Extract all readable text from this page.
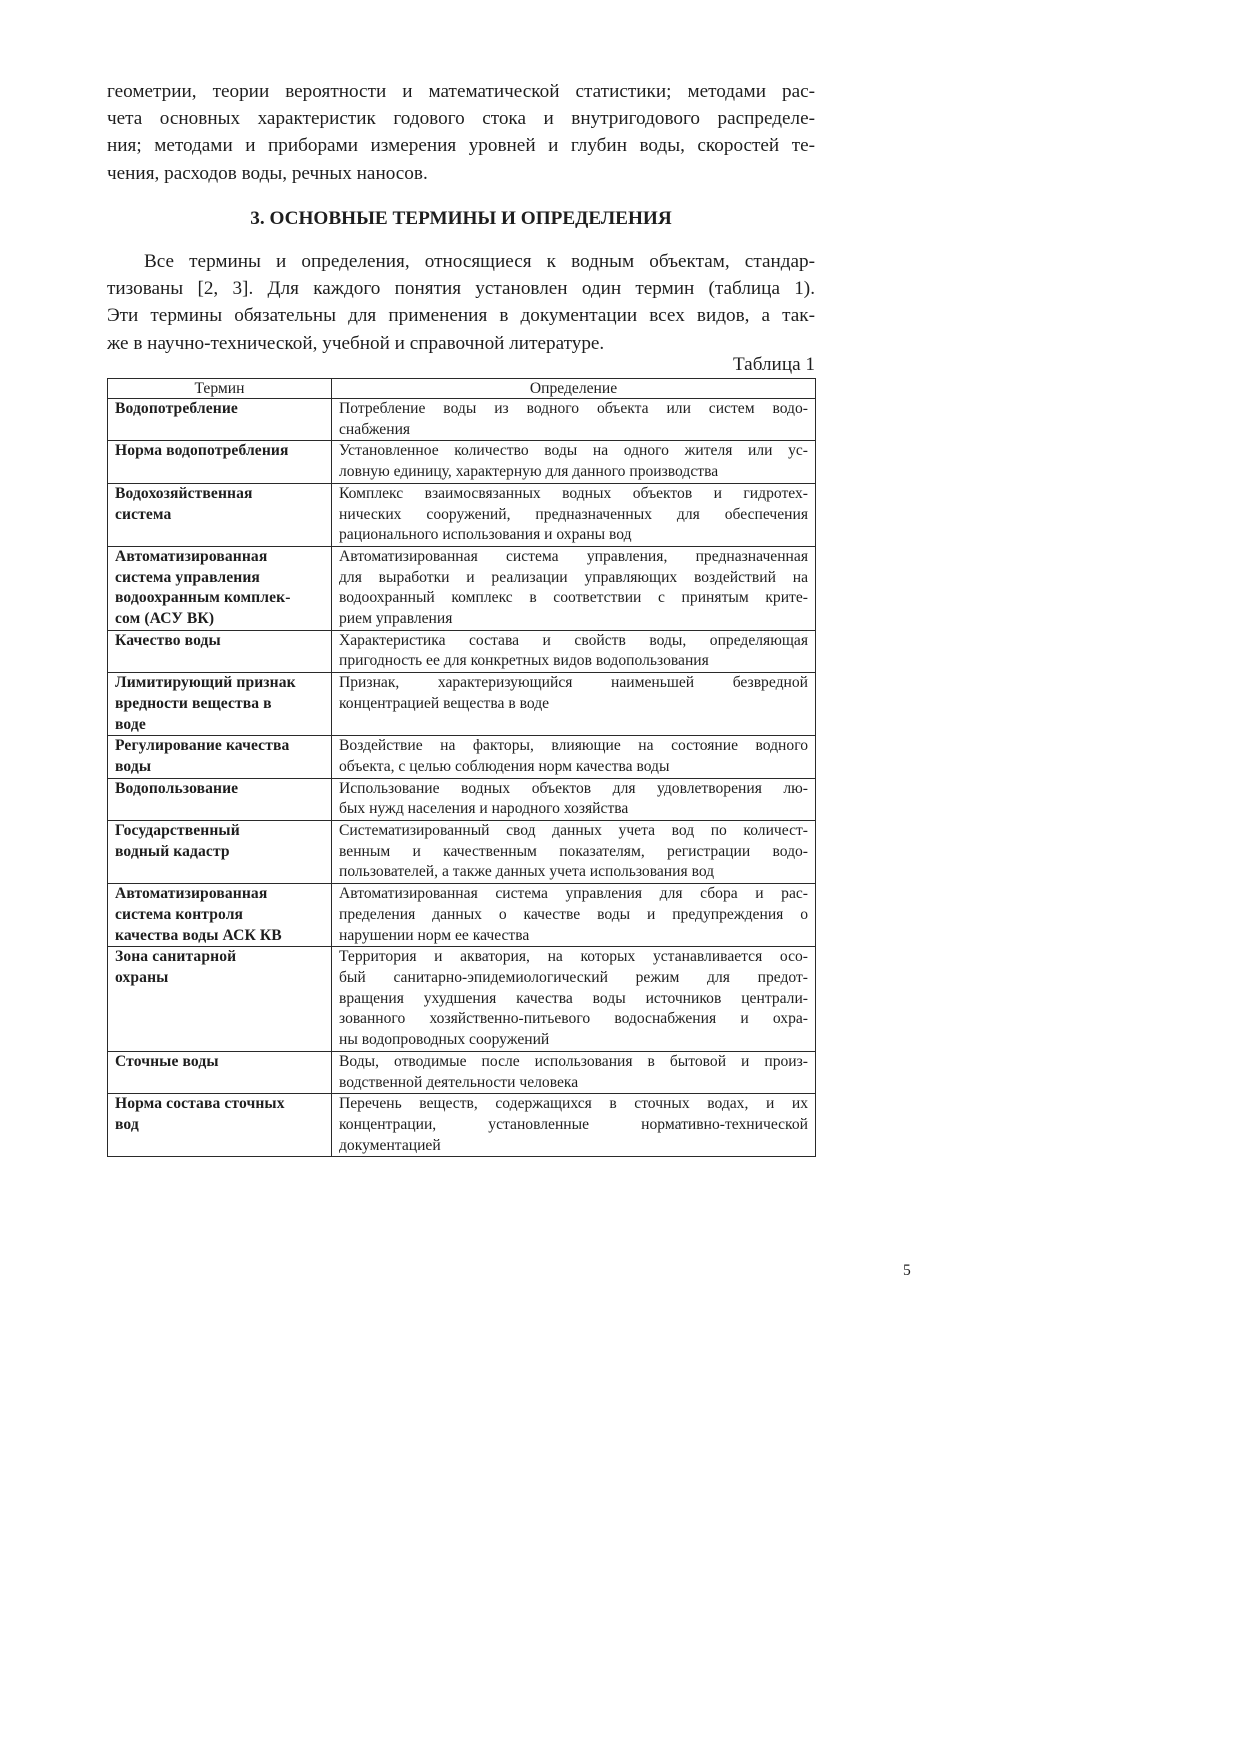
геометрии, теории вероятности и математической статистики; методами рас-
чета основных характеристик годового стока и внутригодового распределе-
ния; методами и приборами измерения уровней и глубин воды, скоростей те-
чения, расходов воды, речных наносов.

3. ОСНОВНЫЕ ТЕРМИНЫ И ОПРЕДЕЛЕНИЯ

Все термины и определения, относящиеся к водным объектам, стандар-
тизованы [2, 3]. Для каждого понятия установлен один термин (таблица 1).
Эти термины обязательны для применения в документации всех видов, а так-
же в научно-технической, учебной и справочной литературе.

Таблица 1

Термин	Определение

Водопотребление	Потребление воды из водного объекта или систем водо-
снабжения

Норма водопотребления	Установленное количество воды на одного жителя или ус-
ловную единицу, характерную для данного производства

Водохозяйственная
система	Комплекс взаимосвязанных водных объектов и гидротех-
нических сооружений, предназначенных для обеспечения
рационального использования и охраны вод

Автоматизированная
система управления
водоохранным комплек-
сом (АСУ ВК)	Автоматизированная система управления, предназначенная
для выработки и реализации управляющих воздействий на
водоохранный комплекс в соответствии с принятым крите-
рием управления

Качество воды	Характеристика состава и свойств воды, определяющая
пригодность ее для конкретных видов водопользования

Лимитирующий признак
вредности вещества в
воде	Признак, характеризующийся наименьшей безвредной
концентрацией вещества в воде

Регулирование качества
воды	Воздействие на факторы, влияющие на состояние водного
объекта, с целью соблюдения норм качества воды

Водопользование	Использование водных объектов для удовлетворения лю-
бых нужд населения и народного хозяйства

Государственный
водный кадастр	Систематизированный свод данных учета вод по количест-
венным и качественным показателям, регистрации водо-
пользователей, а также данных учета использования вод

Автоматизированная
система контроля
качества воды АСК КВ	Автоматизированная система управления для сбора и рас-
пределения данных о качестве воды и предупреждения о
нарушении норм ее качества

Зона санитарной
охраны	Территория и акватория, на которых устанавливается осо-
бый санитарно-эпидемиологический режим для предот-
вращения ухудшения качества воды источников централи-
зованного хозяйственно-питьевого водоснабжения и охра-
ны водопроводных сооружений

Сточные воды	Воды, отводимые после использования в бытовой и произ-
водственной деятельности человека

Норма состава сточных
вод	Перечень веществ, содержащихся в сточных водах, и их
концентрации, установленные нормативно-технической
документацией

5
